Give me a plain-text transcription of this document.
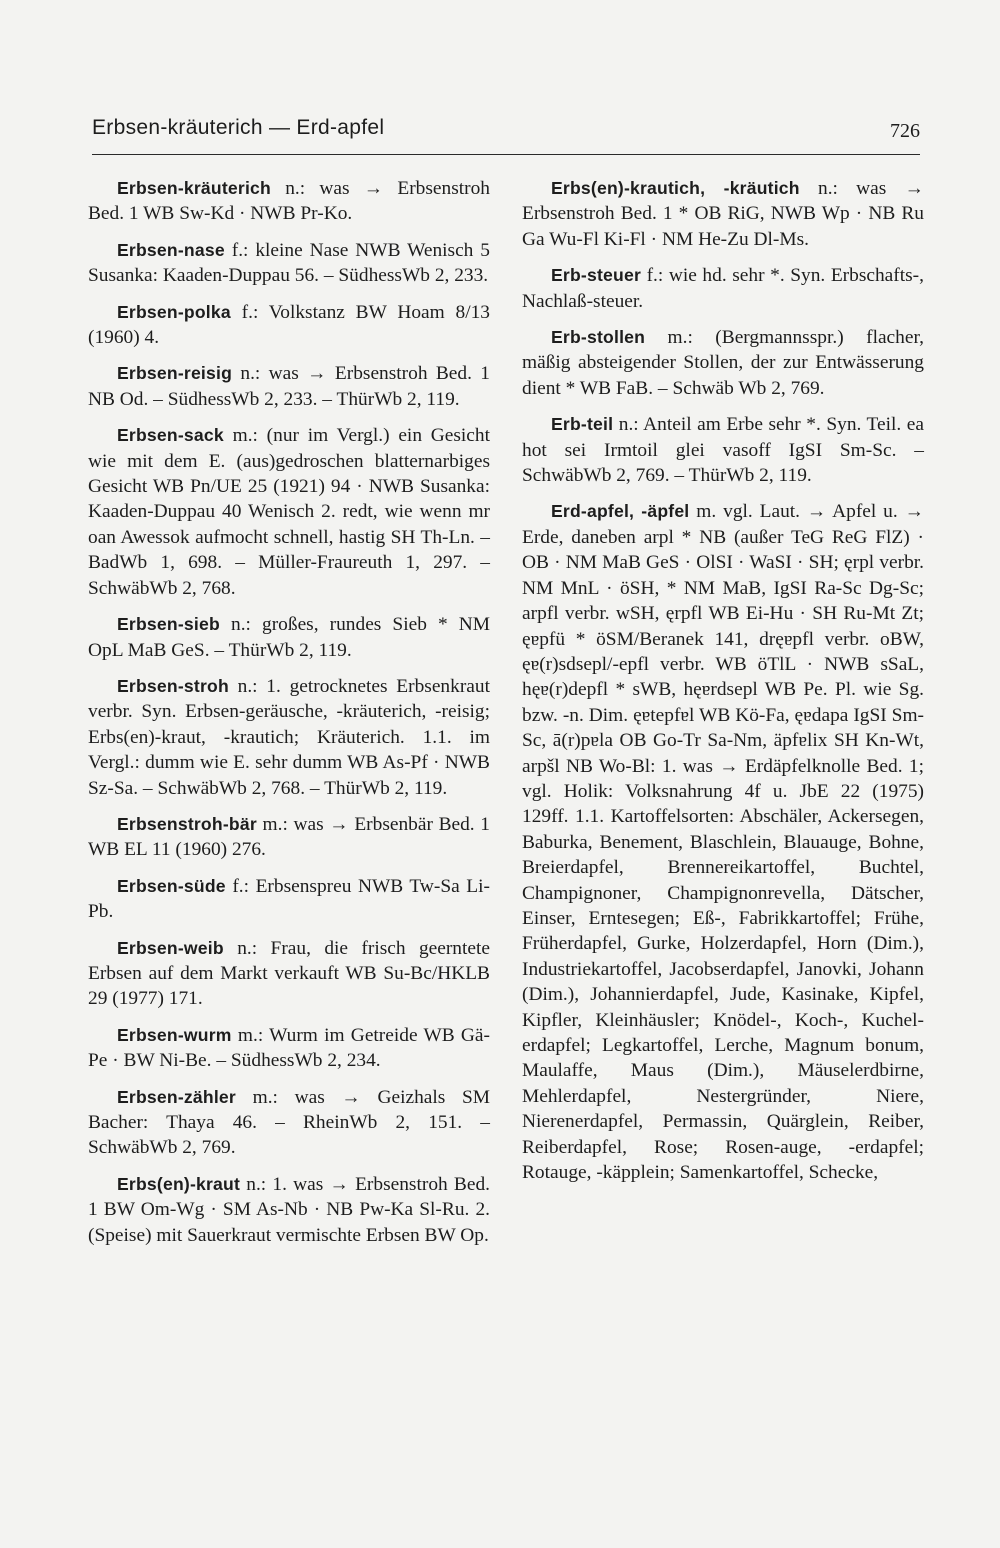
Erbsen-kräuterich — Erd-apfel	726

Erbsen-kräuterich n.: was → Erbsenstroh Bed. 1 WB Sw-Kd · NWB Pr-Ko.

Erbsen-nase f.: kleine Nase NWB Wenisch 5 Susanka: Kaaden-Duppau 56. – SüdhessWb 2, 233.

Erbsen-polka f.: Volkstanz BW Hoam 8/13 (1960) 4.

Erbsen-reisig n.: was → Erbsenstroh Bed. 1 NB Od. – SüdhessWb 2, 233. – ThürWb 2, 119.

Erbsen-sack m.: (nur im Vergl.) ein Gesicht wie mit dem E. (aus)gedroschen blatternarbiges Gesicht WB Pn/UE 25 (1921) 94 · NWB Susanka: Kaaden-Duppau 40 Wenisch 2. redt, wie wenn mr oan Awessok aufmocht schnell, hastig SH Th-Ln. – BadWb 1, 698. – Müller-Fraureuth 1, 297. – SchwäbWb 2, 768.

Erbsen-sieb n.: großes, rundes Sieb * NM OpL MaB GeS. – ThürWb 2, 119.

Erbsen-stroh n.: 1. getrocknetes Erbsenkraut verbr. Syn. Erbsen-geräusche, -kräuterich, -reisig; Erbs(en)-kraut, -krautich; Kräuterich. 1.1. im Vergl.: dumm wie E. sehr dumm WB As-Pf · NWB Sz-Sa. – SchwäbWb 2, 768. – ThürWb 2, 119.

Erbsenstroh-bär m.: was → Erbsenbär Bed. 1 WB EL 11 (1960) 276.

Erbsen-süde f.: Erbsenspreu NWB Tw-Sa Li-Pb.

Erbsen-weib n.: Frau, die frisch geerntete Erbsen auf dem Markt verkauft WB Su-Bc/HKLB 29 (1977) 171.

Erbsen-wurm m.: Wurm im Getreide WB Gä-Pe · BW Ni-Be. – SüdhessWb 2, 234.

Erbsen-zähler m.: was → Geizhals SM Bacher: Thaya 46. – RheinWb 2, 151. – SchwäbWb 2, 769.

Erbs(en)-kraut n.: 1. was → Erbsenstroh Bed. 1 BW Om-Wg · SM As-Nb · NB Pw-Ka Sl-Ru. 2. (Speise) mit Sauerkraut vermischte Erbsen BW Op.

Erbs(en)-krautich, -kräutich n.: was → Erbsenstroh Bed. 1 * OB RiG, NWB Wp · NB Ru Ga Wu-Fl Ki-Fl · NM He-Zu Dl-Ms.

Erb-steuer f.: wie hd. sehr *. Syn. Erbschafts-, Nachlaß-steuer.

Erb-stollen m.: (Bergmannsspr.) flacher, mäßig absteigender Stollen, der zur Entwässerung dient * WB FaB. – Schwäb Wb 2, 769.

Erb-teil n.: Anteil am Erbe sehr *. Syn. Teil. ea hot sei Irmtoil glei vasoff IgSI Sm-Sc. – SchwäbWb 2, 769. – ThürWb 2, 119.

Erd-apfel, -äpfel m. vgl. Laut. → Apfel u. → Erde, daneben arpl * NB (außer TeG ReG FlZ) · OB · NM MaB GeS · OlSI · WaSI · SH; ęrpl verbr. NM MnL · öSH, * NM MaB, IgSI Ra-Sc Dg-Sc; arpfl verbr. wSH, ęrpfl WB Ei-Hu · SH Ru-Mt Zt; ęɐpfü * öSM/Beranek 141, dręɐpfl verbr. oBW, ęɐ(r)sdsepl/-epfl verbr. WB öTlL · NWB sSaL, hęɐ(r)depfl * sWB, hęɐrdsepl WB Pe. Pl. wie Sg. bzw. -n. Dim. ęɐtepfɐl WB Kö-Fa, ęɐdapa IgSI Sm-Sc, ā(r)pɐla OB Go-Tr Sa-Nm, äpfɐlix SH Kn-Wt, arpšl NB Wo-Bl: 1. was → Erdäpfelknolle Bed. 1; vgl. Holik: Volksnahrung 4f u. JbE 22 (1975) 129ff. 1.1. Kartoffelsorten: Abschäler, Ackersegen, Baburka, Benement, Blaschlein, Blauauge, Bohne, Breierdapfel, Brennereikartoffel, Buchtel, Champignoner, Champignonrevella, Dätscher, Einser, Erntesegen; Eß-, Fabrikkartoffel; Frühe, Früherdapfel, Gurke, Holzerdapfel, Horn (Dim.), Industriekartoffel, Jacobserdapfel, Janovki, Johann (Dim.), Johannierdapfel, Jude, Kasinake, Kipfel, Kipfler, Kleinhäusler; Knödel-, Koch-, Kuchel-erdapfel; Legkartoffel, Lerche, Magnum bonum, Maulaffe, Maus (Dim.), Mäuselerdbirne, Mehlerdapfel, Nestergründer, Niere, Nierenerdapfel, Permassin, Quärglein, Reiber, Reiberdapfel, Rose; Rosen-auge, -erdapfel; Rotauge, -käpplein; Samenkartoffel, Schecke,
